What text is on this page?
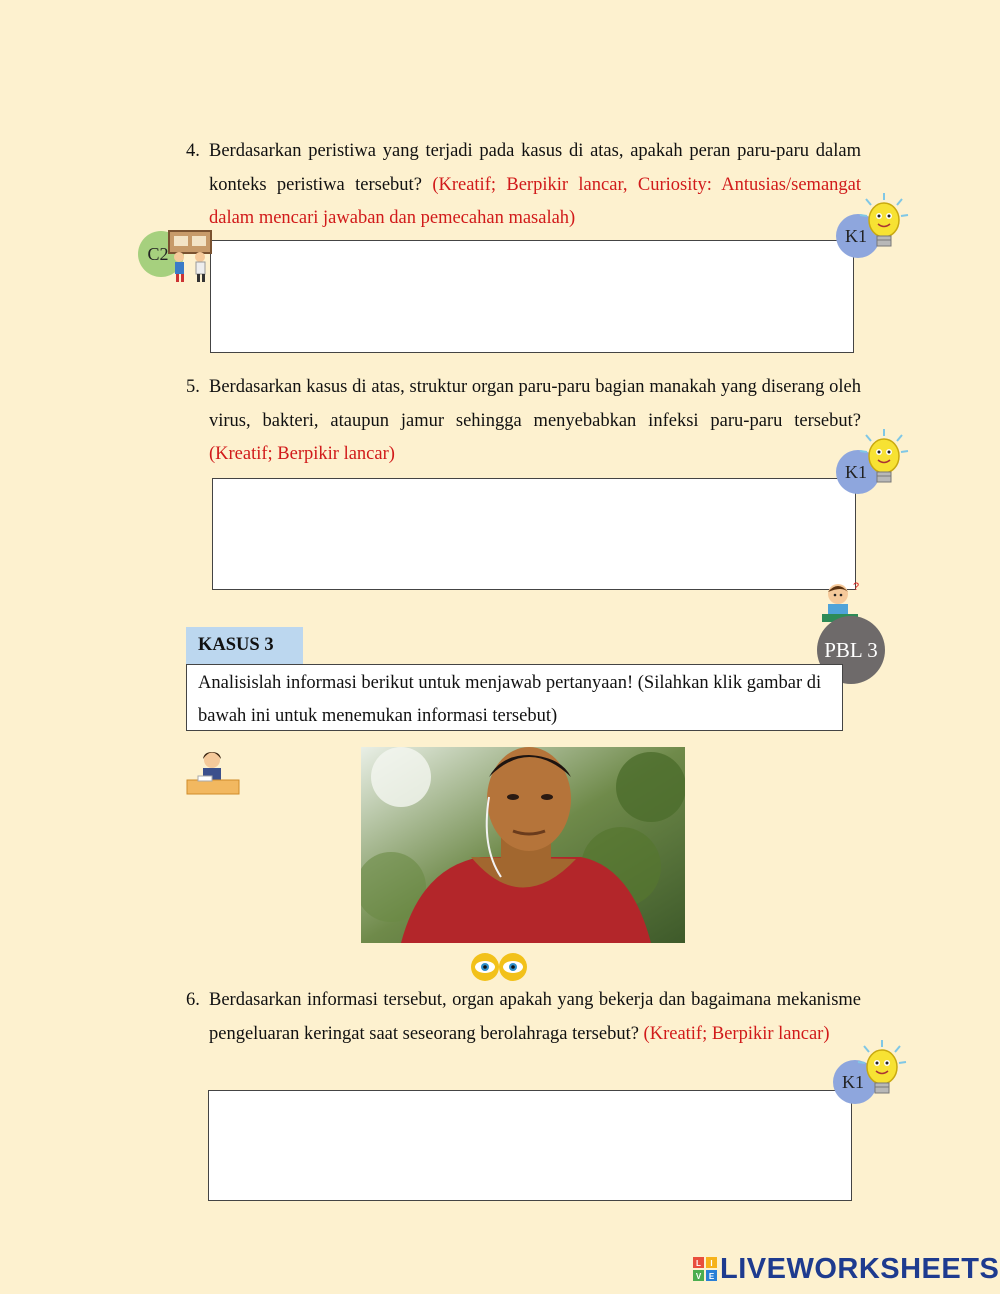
4. Berdasarkan peristiwa yang terjadi pada kasus di atas, apakah peran paru-paru dalam konteks peristiwa tersebut? (Kreatif; Berpikir lancar, Curiosity: Antusias/semangat dalam mencari jawaban dan pemecahan masalah)
C2
K1
5. Berdasarkan kasus di atas, struktur organ paru-paru bagian manakah yang diserang oleh virus, bakteri, ataupun jamur sehingga menyebabkan infeksi paru-paru tersebut? (Kreatif; Berpikir lancar)
K1
?
PBL 3
KASUS 3
Analisislah informasi berikut untuk menjawab pertanyaan! (Silahkan klik gambar di bawah ini untuk menemukan informasi tersebut)
6. Berdasarkan informasi tersebut, organ apakah yang bekerja dan bagaimana mekanisme pengeluaran keringat saat seseorang berolahraga tersebut? (Kreatif; Berpikir lancar)
K1
L I
V E LIVEWORKSHEETS
